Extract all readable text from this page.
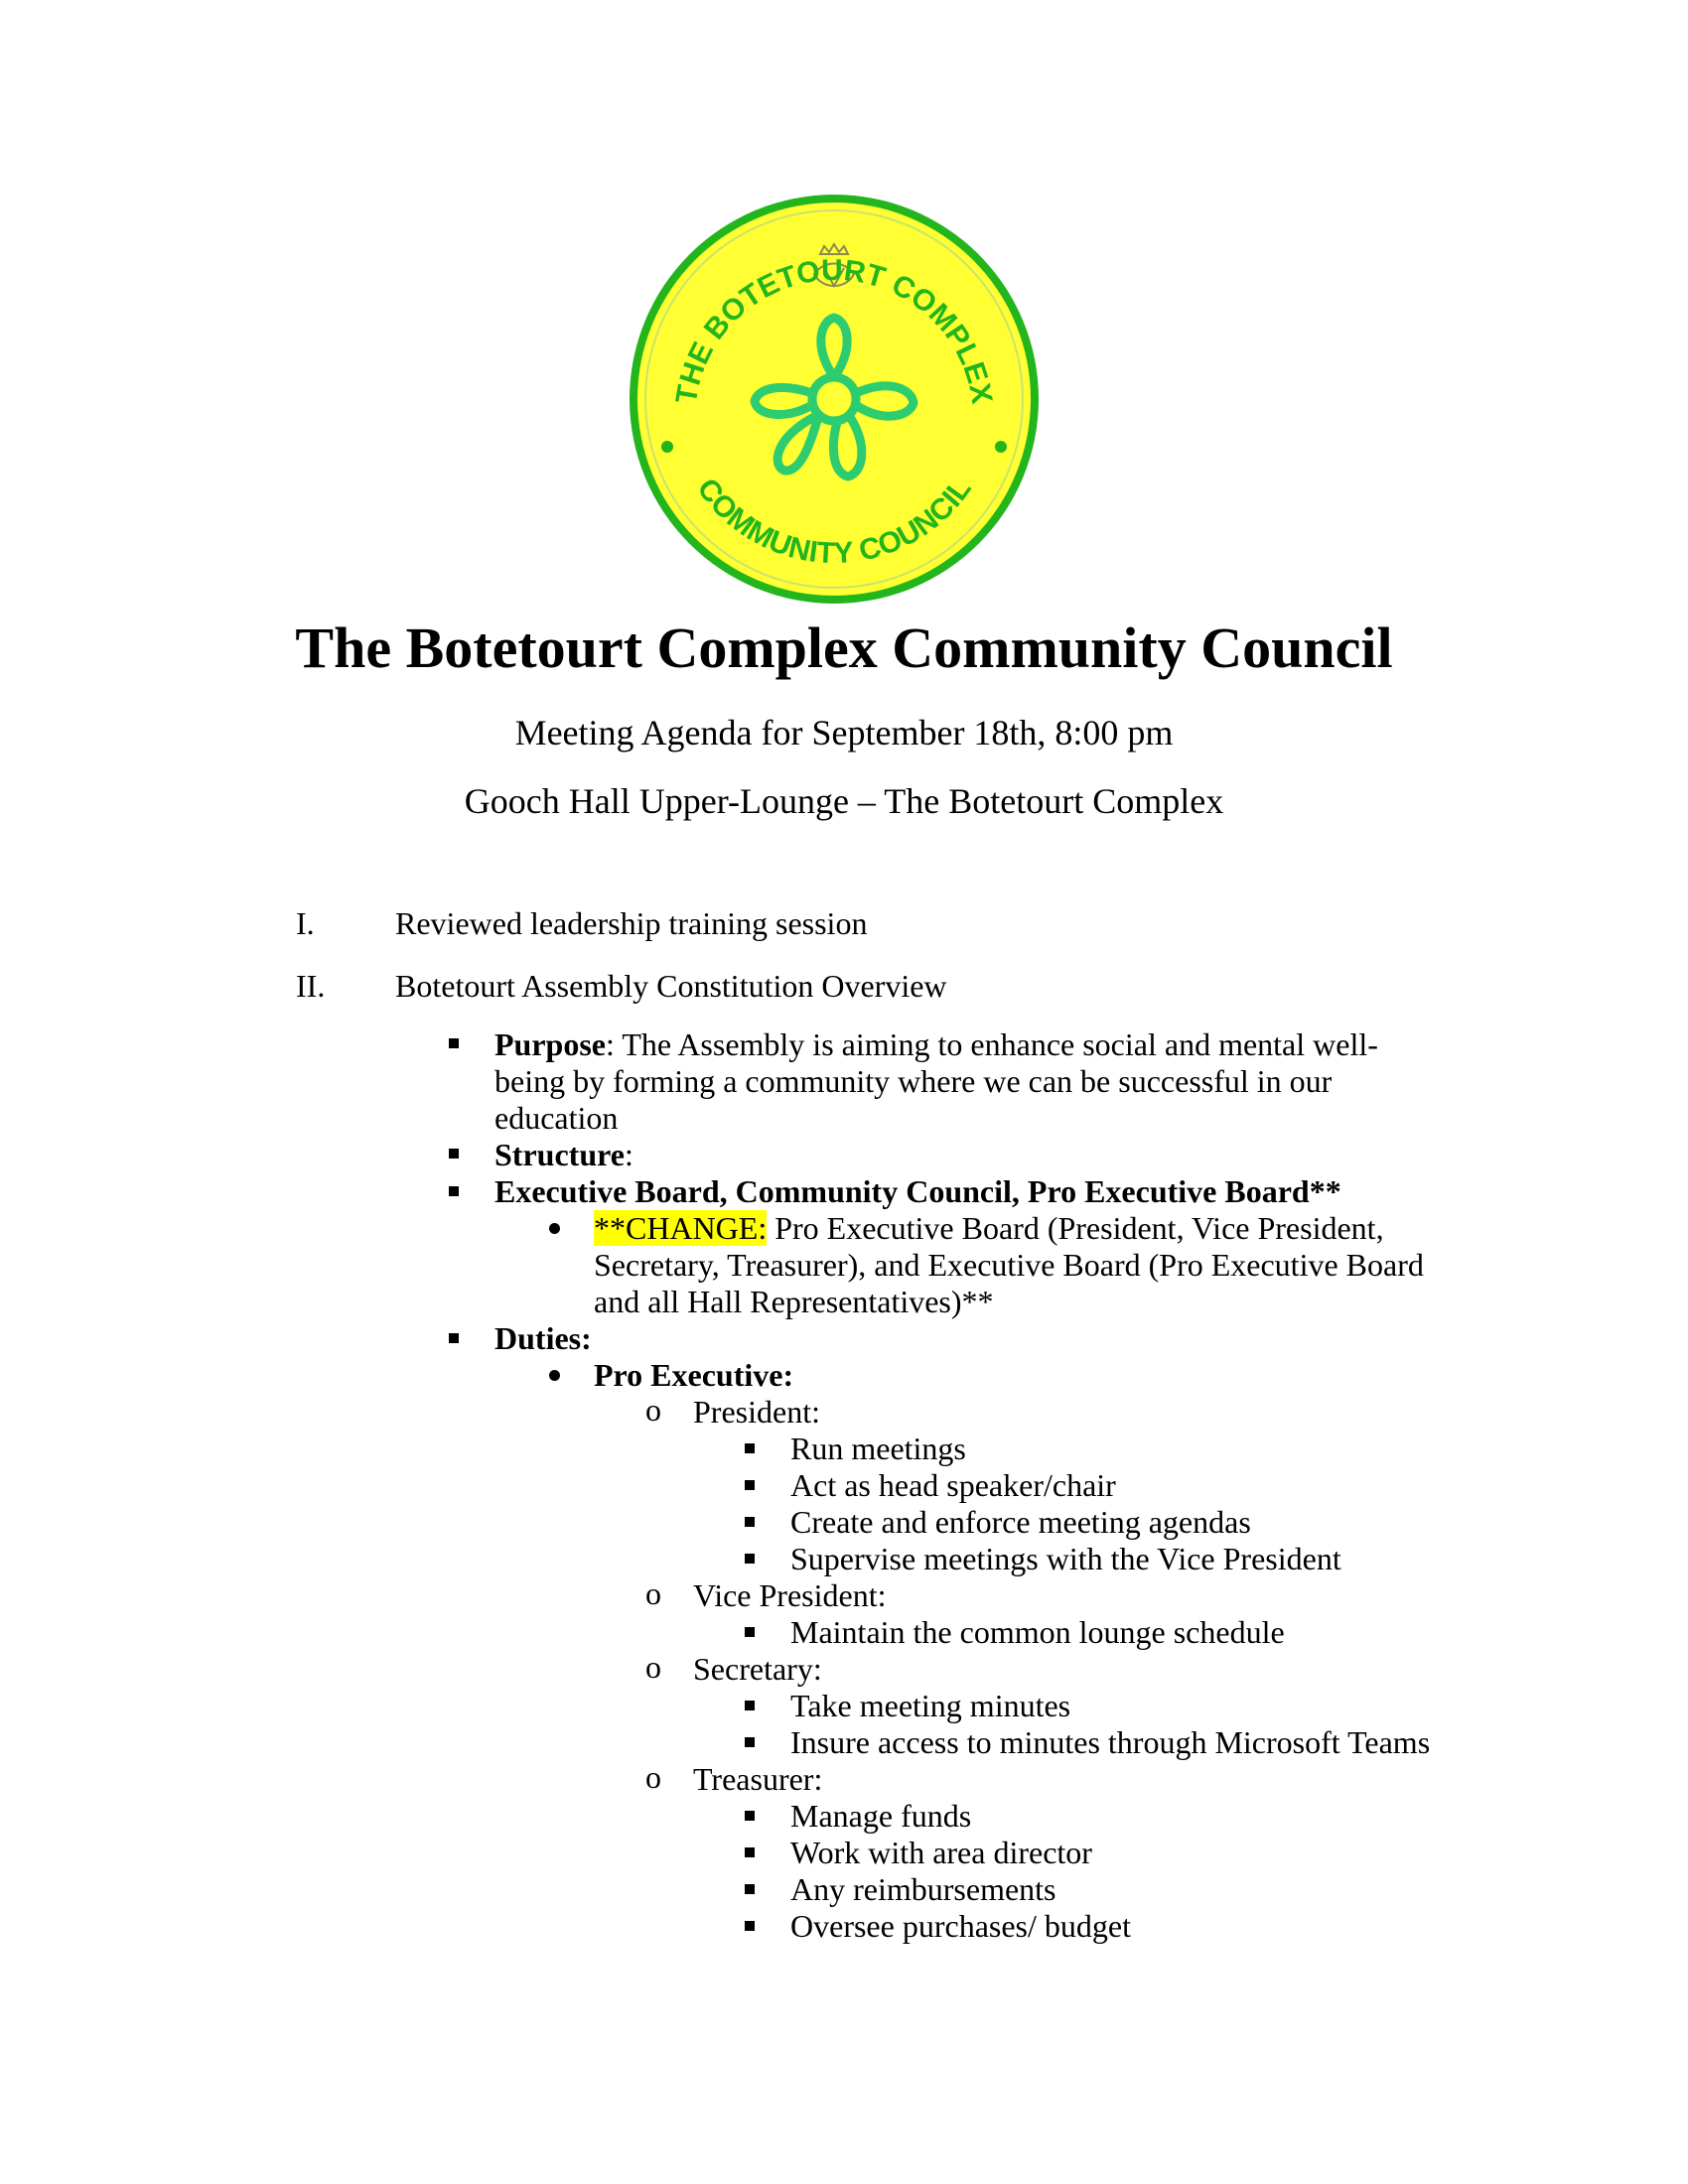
THE BOTETOURT COMPLEX
COMMUNITY COUNCIL
The Botetourt Complex Community Council
Meeting Agenda for September 18th, 8:00 pm
Gooch Hall Upper-Lounge – The Botetourt Complex
I.	Reviewed leadership training session
II. Botetourt Assembly Constitution Overview
Purpose: The Assembly is aiming to enhance social and mental well-
being by forming a community where we can be successful in our
education
Structure:
Executive Board, Community Council, Pro Executive Board**
**CHANGE: Pro Executive Board (President, Vice President,
Secretary, Treasurer), and Executive Board (Pro Executive Board
and all Hall Representatives)**
Duties:
Pro Executive:
o President:
Run meetings
Act as head speaker/chair
Create and enforce meeting agendas
Supervise meetings with the Vice President
o Vice President:
Maintain the common lounge schedule
o Secretary:
Take meeting minutes
Insure access to minutes through Microsoft Teams
o Treasurer:
Manage funds
Work with area director
Any reimbursements
Oversee purchases/ budget
